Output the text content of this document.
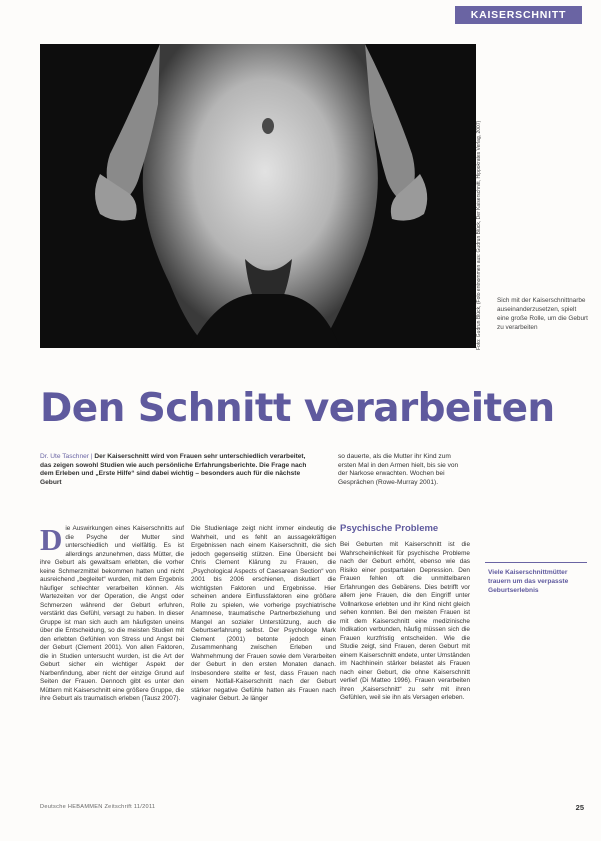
KAISERSCHNITT
Foto: Gudrun Blück, (Foto entnommen aus: Gudrun Blück, Der Kaiserschnitt, Hippokrates Verlag, 2007)	Sich mit der Kaiserschnittnarbe auseinanderzusetzen, spielt eine große Rolle, um die Geburt zu verarbeiten
Den Schnitt verarbeiten
Dr. Ute Taschner | Der Kaiserschnitt wird von Frauen sehr unterschiedlich verarbeitet, das zeigen sowohl Studien wie auch persönliche Erfahrungsberichte. Die Frage nach dem Erleben und „Erste Hilfe“ sind dabei wichtig – besonders auch für die nächste Geburt
so dauerte, als die Mutter ihr Kind zum ersten Mal in den Armen hielt, bis sie von der Narkose erwachten. Wochen bei Gesprächen (Rowe-Murray 2001).
Die Auswirkungen eines Kaiserschnitts auf die Psyche der Mutter sind unterschiedlich und vielfältig. Es ist allerdings anzunehmen, dass Mütter, die ihre Geburt als gewaltsam erlebten, die vorher keine Schmerzmittel bekommen hatten und nicht ausreichend „begleitet“ wurden, mit dem Ergebnis häufiger schlechter verarbeiten können. Als Wartezeiten vor der Operation, die Angst oder Schmerzen während der Geburt erfuhren, verstärkt das Gefühl, versagt zu haben. In dieser Gruppe ist man sich auch am häufigsten uneins über die Entscheidung, so die meisten Studien mit den erlebten Gefühlen von Stress und Angst bei der Geburt (Clement 2001). Von allen Faktoren, die in Studien untersucht wurden, ist die Art der Geburt sicher ein wichtiger Aspekt der Narbenfindung, aber nicht der einzige Grund auf Seiten der Frauen. Dennoch gibt es unter den Müttern mit Kaiserschnitt eine größere Gruppe, die ihre Geburt als traumatisch erleben (Tausz 2007).
Die Studienlage zeigt nicht immer eindeutig die Wahrheit, und es fehlt an aussagekräftigen Ergebnissen nach einem Kaiserschnitt, die sich jedoch gegenseitig stützen. Eine Übersicht bei Chris Clement Klärung zu Frauen, die „Psychological Aspects of Caesarean Section“ von 2001 bis 2006 erschienen, diskutiert die wichtigsten Faktoren und Ergebnisse. Hier scheinen andere Einflussfaktoren eine größere Rolle zu spielen, wie vorherige psychiatrische Anamnese, traumatische Partnerbeziehung und Mangel an sozialer Unterstützung, auch die Geburtserfahrung selbst. Der Psychologe Mark Clement (2001) betonte jedoch einen Zusammenhang zwischen Erleben und Wahrnehmung der Frauen sowie dem Verarbeiten der Geburt in den ersten Monaten danach. Insbesondere stellte er fest, dass Frauen nach einem Notfall-Kaiserschnitt nach der Geburt stärker negative Gefühle hatten als Frauen nach vaginaler Geburt. Je länger
Psychische Probleme
Bei Geburten mit Kaiserschnitt ist die Wahrscheinlichkeit für psychische Probleme nach der Geburt erhöht, ebenso wie das Risiko einer postpartalen Depression. Den Frauen fehlen oft die unmittelbaren Erfahrungen des Gebärens. Dies betrifft vor allem jene Frauen, die den Eingriff unter Vollnarkose erlebten und ihr Kind nicht gleich sehen konnten. Bei den meisten Frauen ist mit dem Kaiserschnitt eine medizinische Indikation verbunden, häufig müssen sich die Frauen kurzfristig entscheiden. Wie die Studie zeigt, sind Frauen, deren Geburt mit einem Kaiserschnitt endete, unter Umständen im Nachhinein stärker belastet als Frauen nach einer Geburt, die ohne Kaiserschnitt verlief (Di Matteo 1996). Frauen verarbeiten ihren „Kaiserschnitt“ zu sehr mit ihren Gefühlen, weil sie ihn als Versagen erleben.
Viele Kaiserschnittmütter trauern um das verpasste Geburtserlebnis
Deutsche HEBAMMEN Zeitschrift 11/2011	25
